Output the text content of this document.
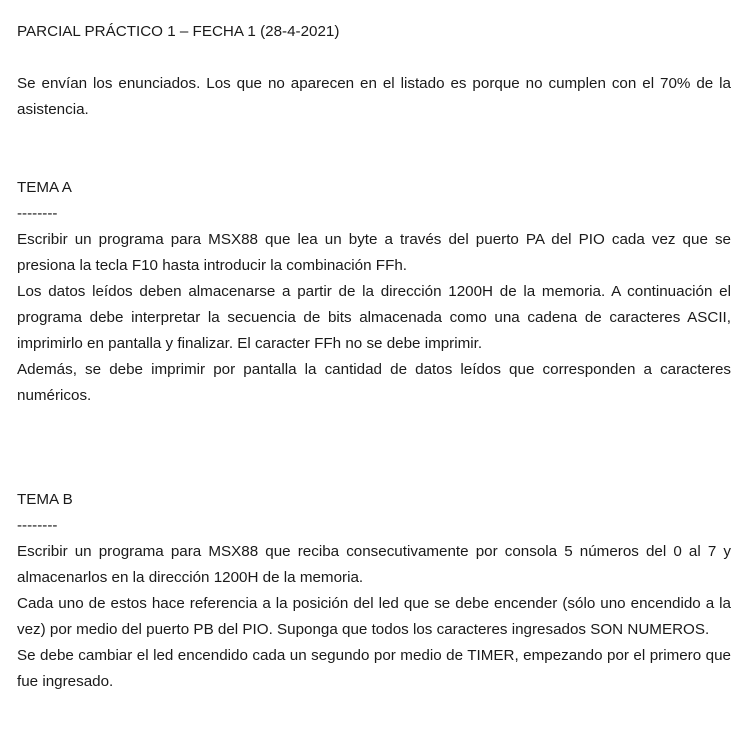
PARCIAL PRÁCTICO 1 – FECHA 1 (28-4-2021)

Se envían los enunciados. Los que no aparecen en el listado es porque no cumplen con el 70% de la asistencia.

TEMA A

--------

Escribir un programa para MSX88 que lea un byte a través del puerto PA del PIO cada vez que se presiona la tecla F10 hasta introducir la combinación FFh.

Los datos leídos deben almacenarse a partir de la dirección 1200H de la memoria. A continuación el programa debe interpretar la secuencia de bits almacenada como una cadena de caracteres ASCII, imprimirlo en pantalla y finalizar. El caracter FFh no se debe imprimir.

Además, se debe imprimir por pantalla la cantidad de datos leídos que corresponden a caracteres numéricos.

TEMA B

--------

Escribir un programa para MSX88 que reciba consecutivamente por consola 5 números del 0 al 7 y almacenarlos en la dirección 1200H de la memoria.

Cada uno de estos hace referencia a la posición del led que se debe encender (sólo uno encendido a la vez) por medio del puerto PB del PIO. Suponga que todos los caracteres ingresados SON NUMEROS.

Se debe cambiar el led encendido cada un segundo por medio de TIMER, empezando por el primero que fue ingresado.
